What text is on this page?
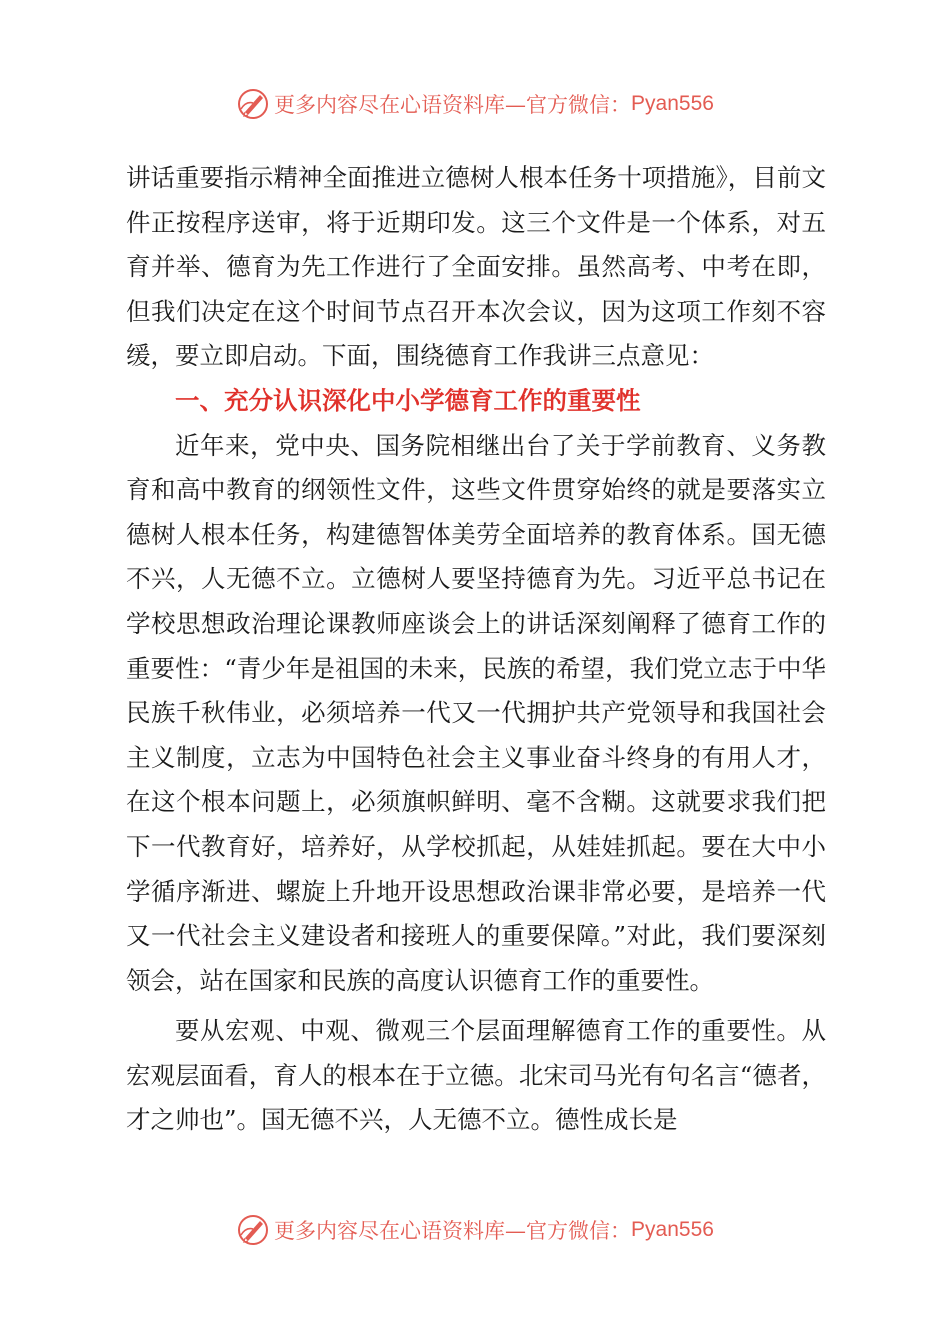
更多内容尽在心语资料库—官方微信： Pyan556

讲话重要指示精神全面推进立德树人根本任务十项措施》，目前文件正按程序送审，将于近期印发。这三个文件是一个体系，对五育并举、德育为先工作进行了全面安排。虽然高考、中考在即，但我们决定在这个时间节点召开本次会议，因为这项工作刻不容缓，要立即启动。下面，围绕德育工作我讲三点意见：

一、充分认识深化中小学德育工作的重要性

近年来，党中央、国务院相继出台了关于学前教育、义务教育和高中教育的纲领性文件，这些文件贯穿始终的就是要落实立德树人根本任务，构建德智体美劳全面培养的教育体系。国无德不兴，人无德不立。立德树人要坚持德育为先。习近平总书记在学校思想政治理论课教师座谈会上的讲话深刻阐释了德育工作的重要性：“青少年是祖国的未来，民族的希望，我们党立志于中华民族千秋伟业，必须培养一代又一代拥护共产党领导和我国社会主义制度，立志为中国特色社会主义事业奋斗终身的有用人才，在这个根本问题上，必须旗帜鲜明、毫不含糊。这就要求我们把下一代教育好，培养好，从学校抓起，从娃娃抓起。要在大中小学循序渐进、螺旋上升地开设思想政治课非常必要，是培养一代又一代社会主义建设者和接班人的重要保障。”对此，我们要深刻领会，站在国家和民族的高度认识德育工作的重要性。

要从宏观、中观、微观三个层面理解德育工作的重要性。从宏观层面看，育人的根本在于立德。北宋司马光有句名言“德者，才之帅也”。国无德不兴，人无德不立。德性成长是

更多内容尽在心语资料库—官方微信： Pyan556
